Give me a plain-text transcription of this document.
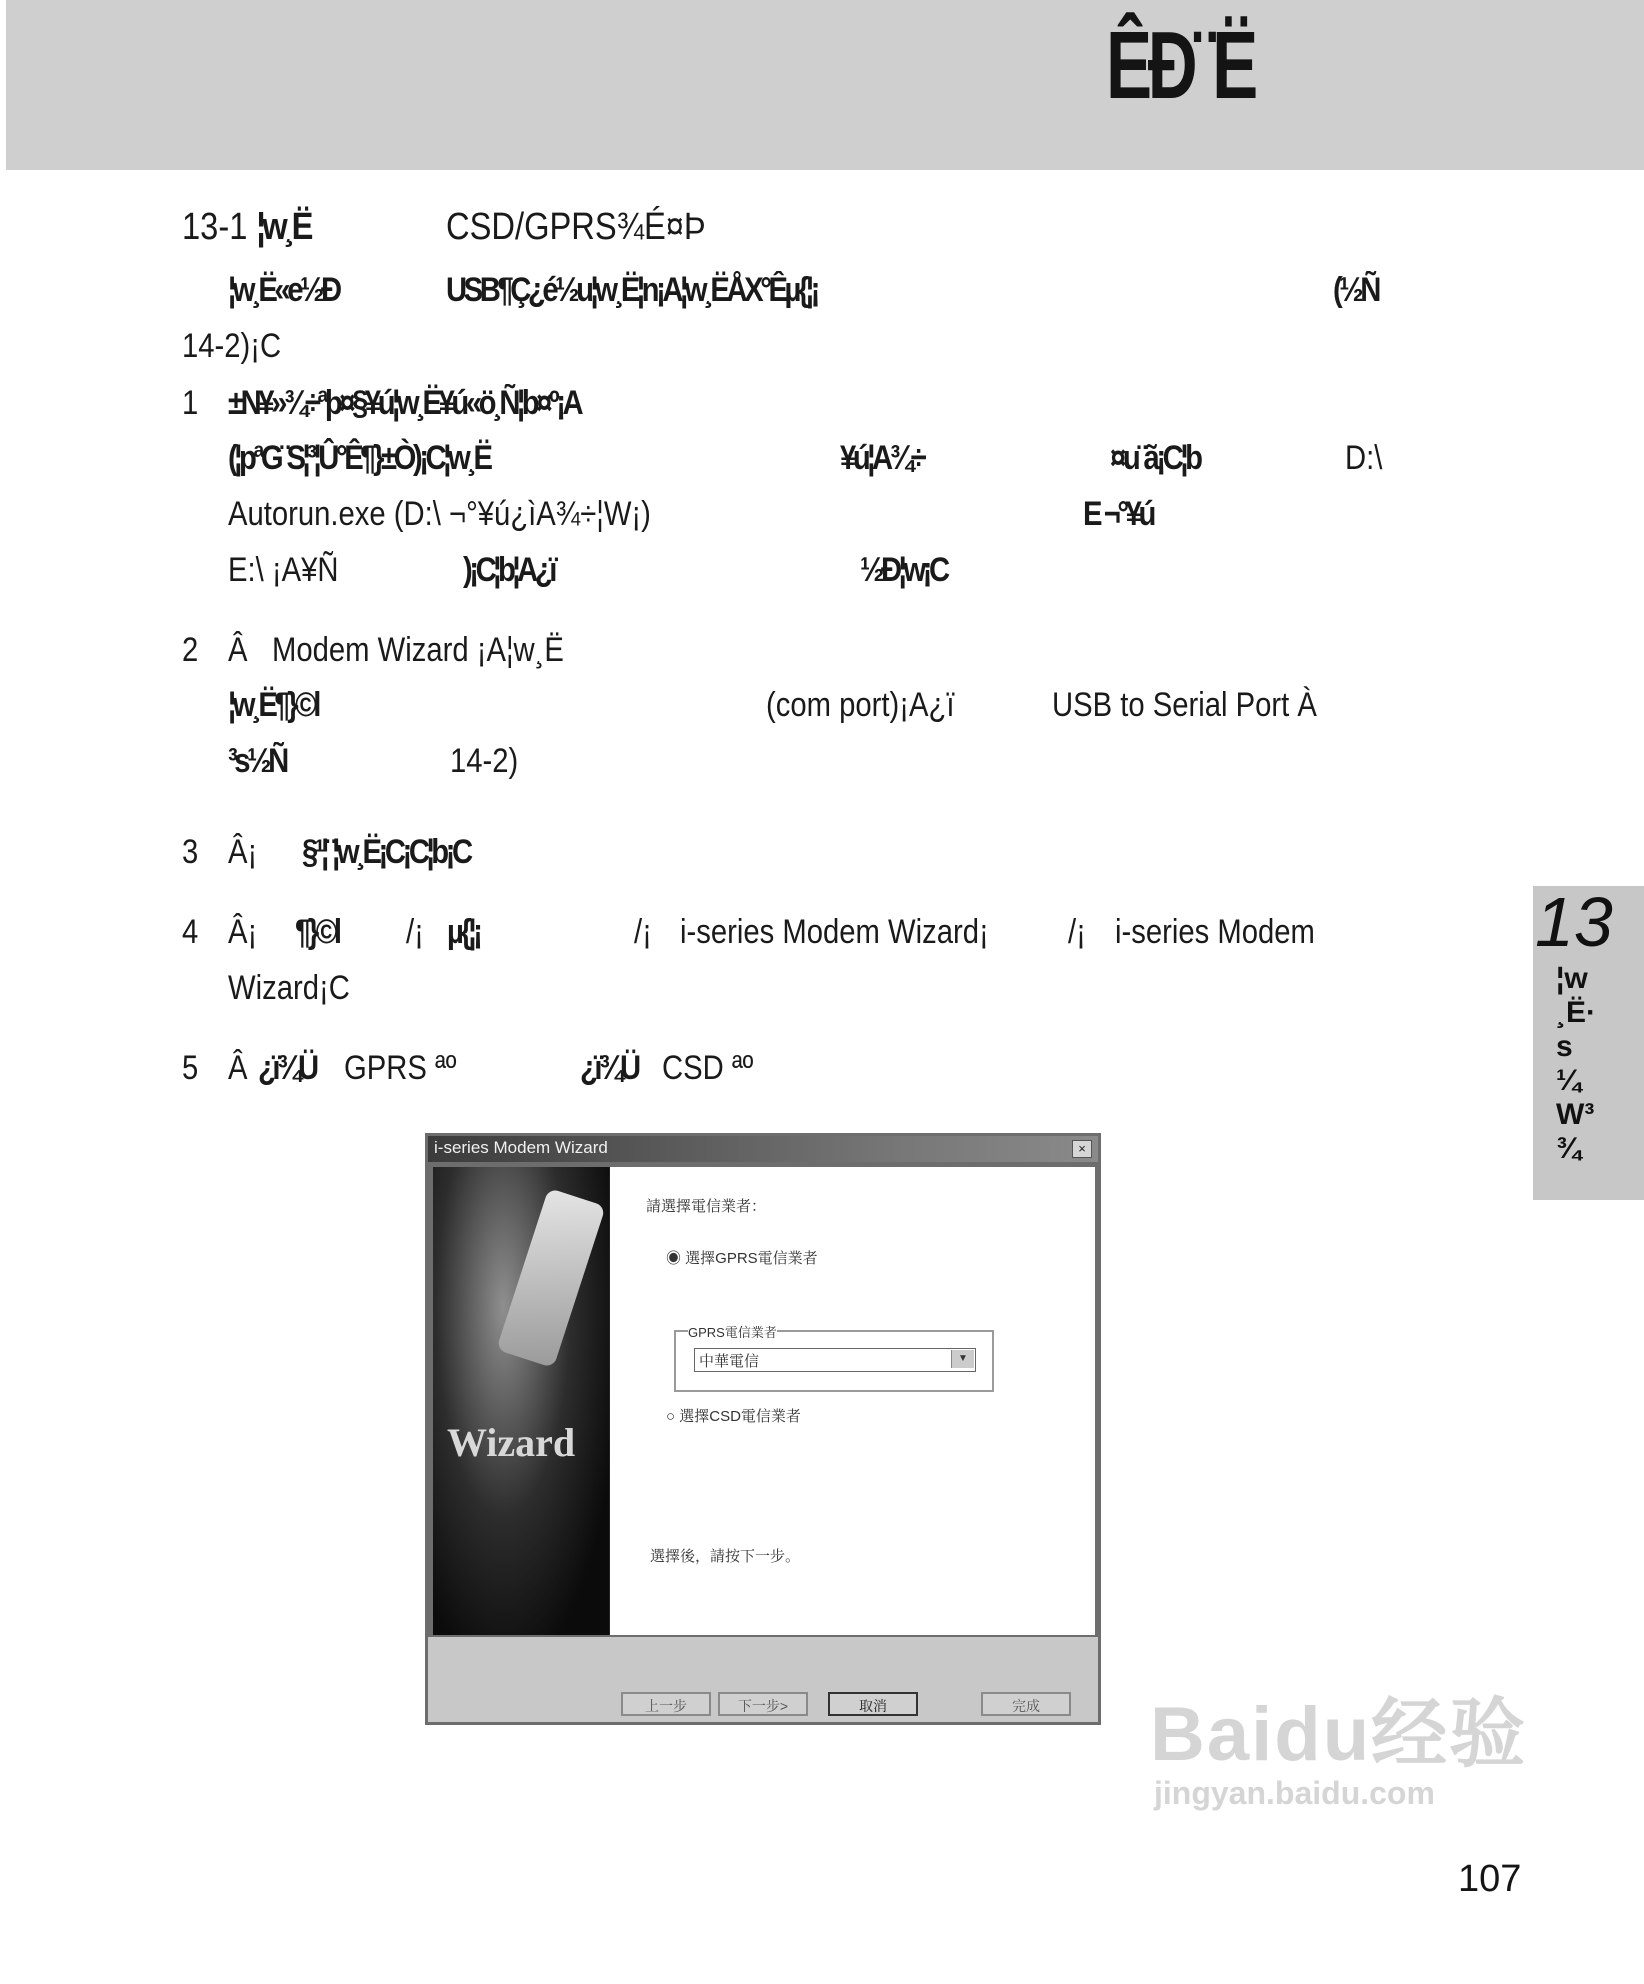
ÊÐ¨Ë
13-1 ¦w¸Ë	CSD/GPRS¾É¤Þ
¦w¸Ë«e½Ð	USB¶Ç¿é½u¦w¸Ë¦n¡A¦w¸ËÅX°Êµ{¦¡	(½Ñ
14-2)¡C
1 ±N¥»¾÷ªþ¤§¥ú¦w¸Ë¥ú«ö¸Ñ¦b¤º¡A
(¦pªG¨S¦³¦Û°Ê¶}±Ò)¡C¦w¸Ë	¥ú¦A¾÷	¤u¨ã¡C¦b	D:\
Autorun.exe (D:\ ¬°¥ú¿ìA¾÷¦W¡)	E ¬°¥ú
E:\ ¡A¥Ñ	)¡C¦b¦A¿ï	½Ð¦w¡C
2 Â Modem Wizard ¡A¦w¸Ë
¦w¸Ë¶}©l	(com port)¡A¿ï	USB to Serial Port À
³s½Ñ	14-2)
3 Â¡ §¹¦¨¦w¸Ë¡C¡C¦b¡C
4 Â¡ ¶}©l /¡ µ{¦¡	/¡ i-series Modem Wizard¡ /¡ i-series Modem
Wizard¡C
5 Â ¿ï¾Ü GPRS ªº	¿ï¾Ü CSD ªº
13
¦w¸Ë·s¼W³¾
i-series Modem Wizard	×
Wizard
請選擇電信業者：
◉ 選擇GPRS電信業者
GPRS電信業者
中華電信	▼
○ 選擇CSD電信業者
選擇後，請按下一步。
上一步	下一步>	取消	完成	Baidu经验
jingyan.baidu.com
107
